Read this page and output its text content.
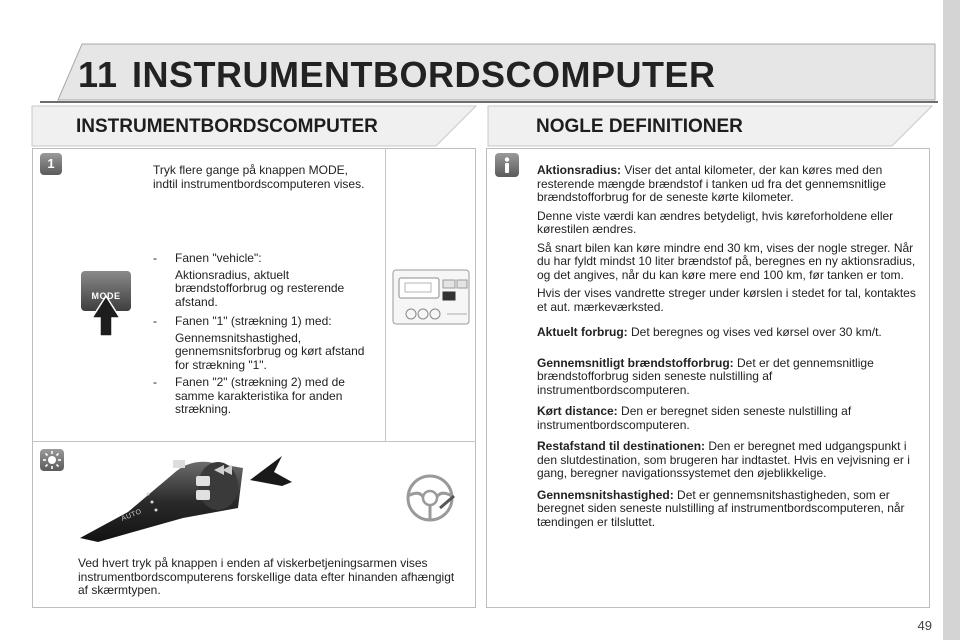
11 INSTRUMENTBORDSCOMPUTER
INSTRUMENTBORDSCOMPUTER
1	Tryk flere gange på knappen MODE, indtil instrumentbordscomputeren vises.
MODE
-	Fanen "vehicle":
Aktionsradius, aktuelt brændstofforbrug og resterende afstand.
-	Fanen "1" (strækning 1) med:
Gennemsnitshastighed, gennemsnitsforbrug og kørt afstand for strækning "1".
-	Fanen "2" (strækning 2) med de samme karakteristika for anden strækning.
AUTO
Ved hvert tryk på knappen i enden af viskerbetjeningsarmen vises instrumentbordscomputerens forskellige data efter hinanden afhængigt af skærmtypen.
NOGLE DEFINITIONER

Aktionsradius: Viser det antal kilometer, der kan køres med den resterende mængde brændstof i tanken ud fra det gennemsnitlige brændstofforbrug for de seneste kørte kilometer.

Denne viste værdi kan ændres betydeligt, hvis køreforholdene eller kørestilen ændres.

Så snart bilen kan køre mindre end 30 km, vises der nogle streger. Når du har fyldt mindst 10 liter brændstof på, beregnes en ny aktionsradius, og det angives, når du kan køre mere end 100 km, før tanken er tom.

Hvis der vises vandrette streger under kørslen i stedet for tal, kontaktes et aut. mærkeværksted.

Aktuelt forbrug: Det beregnes og vises ved kørsel over 30 km/t.

Gennemsnitligt brændstofforbrug: Det er det gennemsnitlige brændstofforbrug siden seneste nulstilling af instrumentbordscomputeren.

Kørt distance: Den er beregnet siden seneste nulstilling af instrumentbordscomputeren.

Restafstand til destinationen: Den er beregnet med udgangspunkt i den slutdestination, som brugeren har indtastet. Hvis en vejvisning er i gang, beregner navigationssystemet den øjeblikkelige.

Gennemsnitshastighed: Det er gennemsnitshastigheden, som er beregnet siden seneste nulstilling af instrumentbordscomputeren, når tændingen er tilsluttet.

49
